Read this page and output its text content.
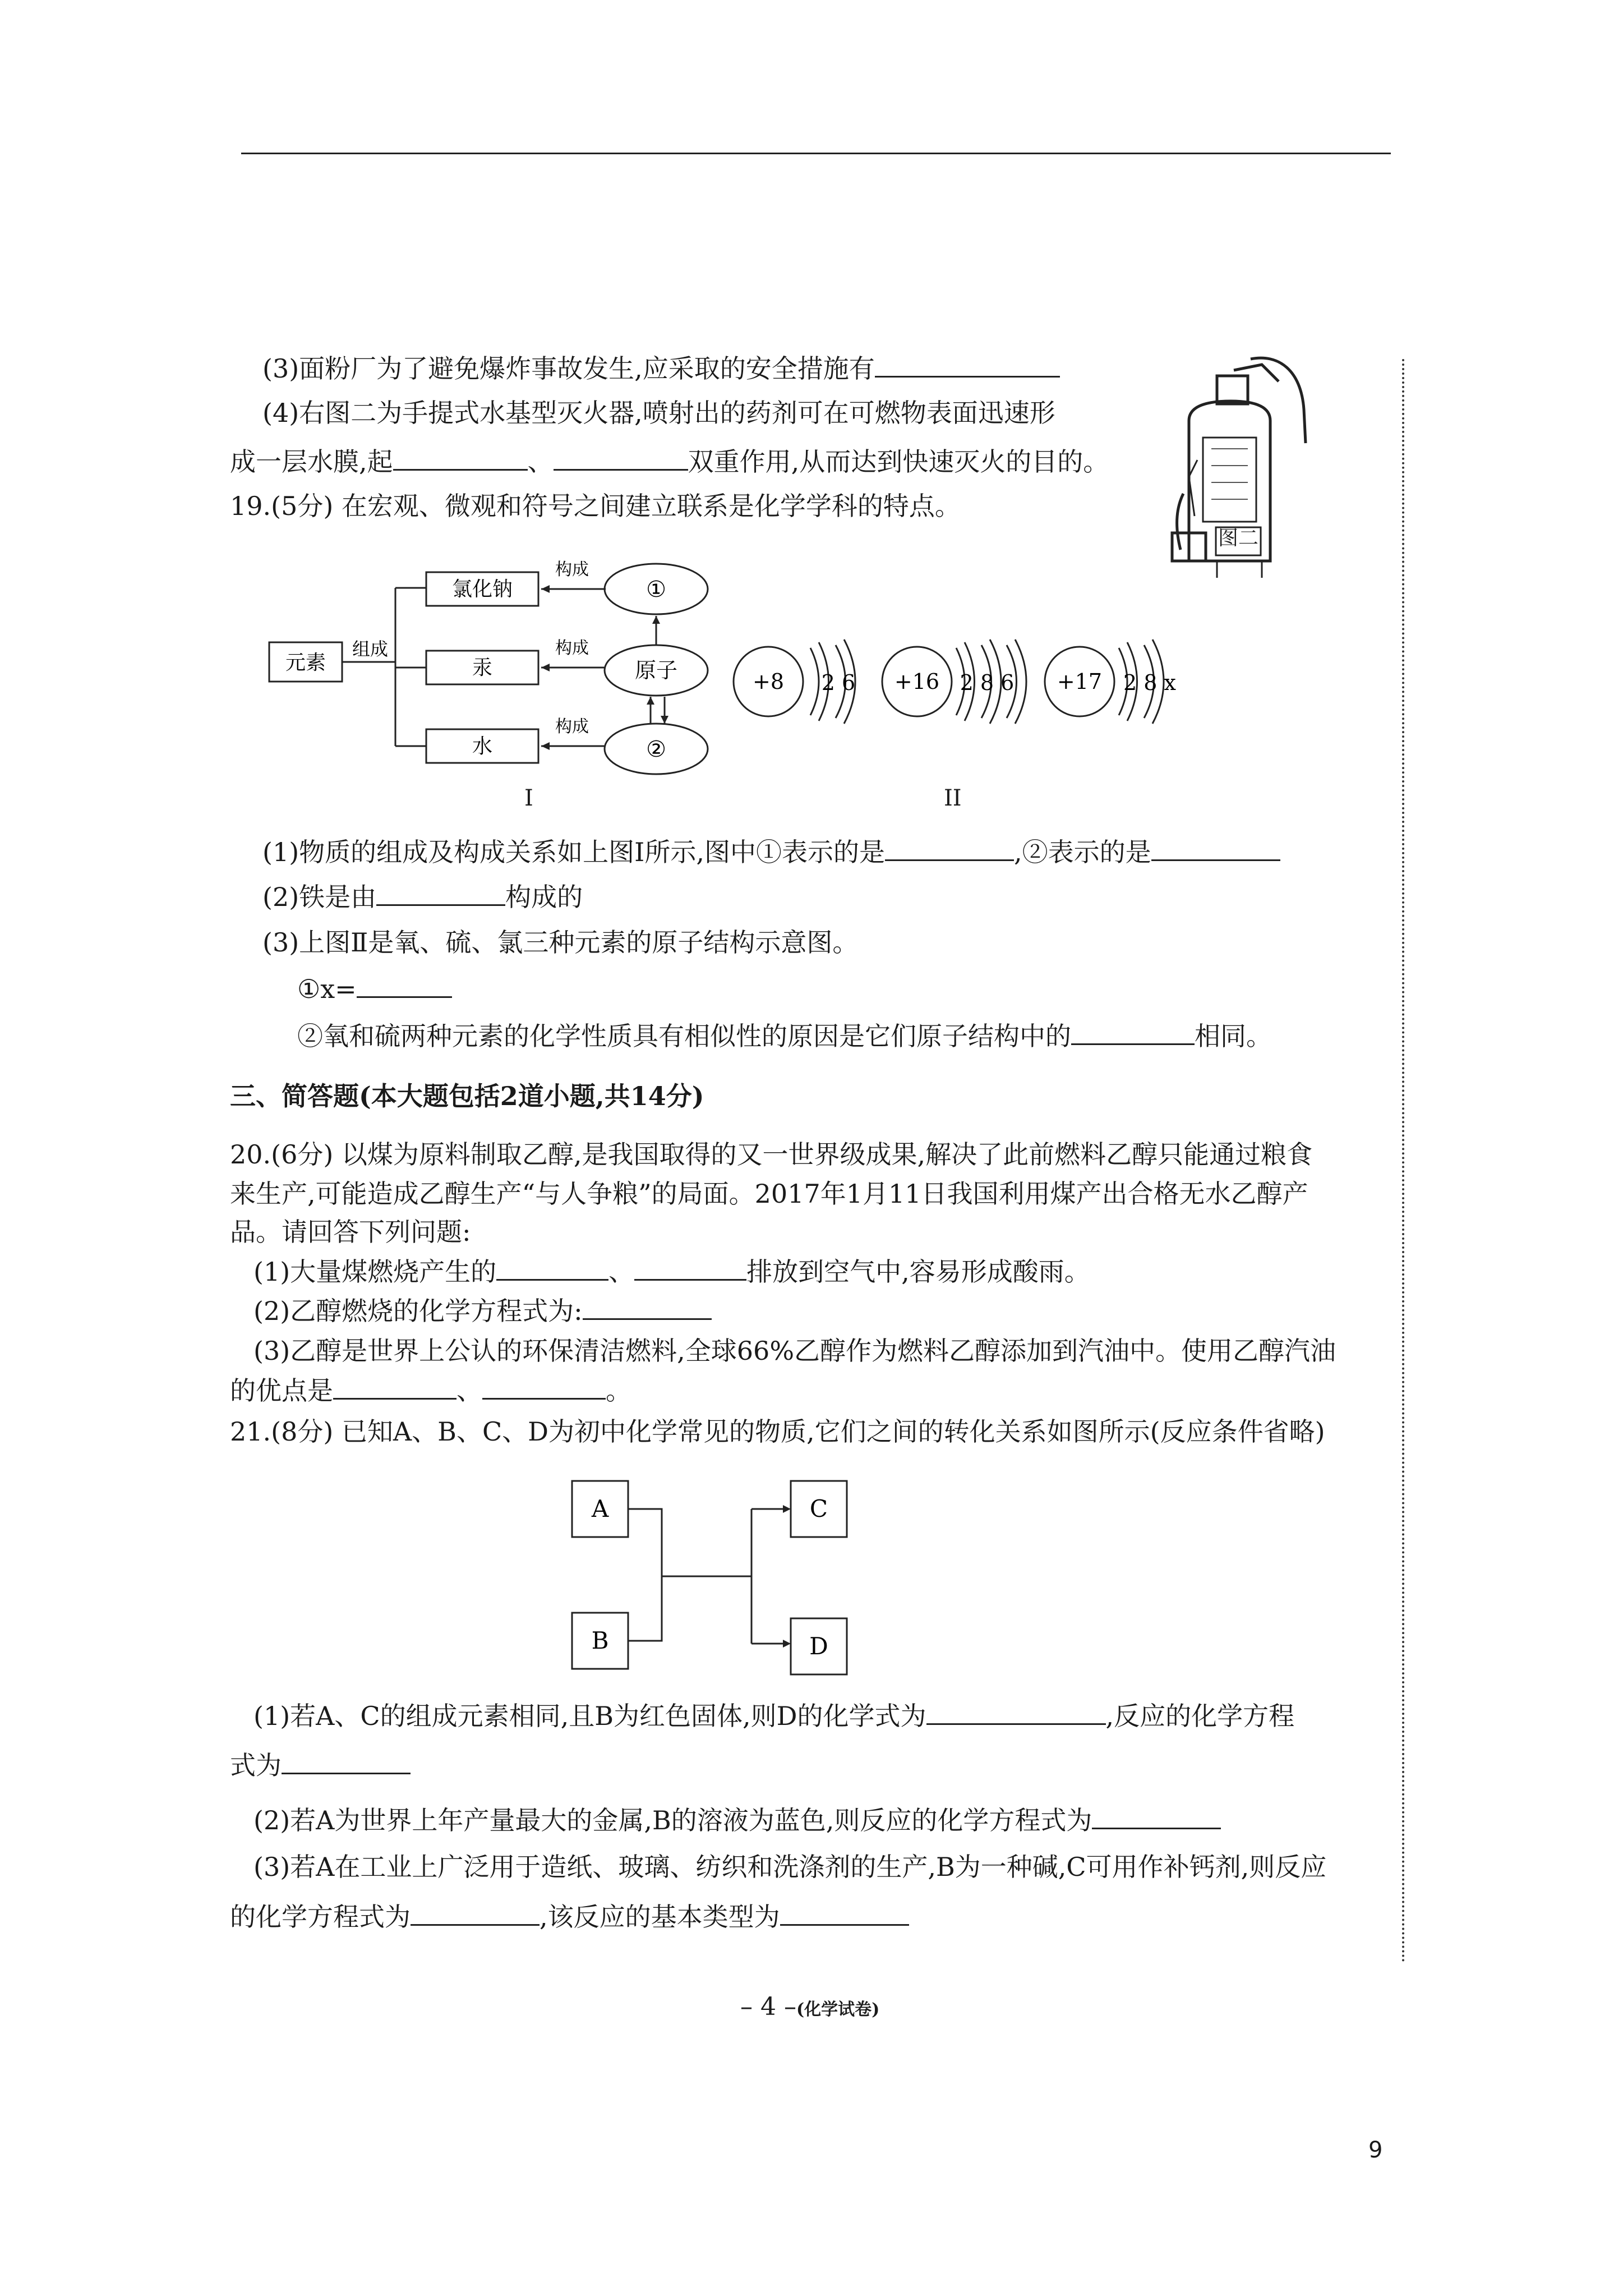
(3)面粉厂为了避免爆炸事故发生,应采取的安全措施有
(4)右图二为手提式水基型灭火器,喷射出的药剂可在可燃物表面迅速形
成一层水膜,起	、	双重作用,从而达到快速灭火的目的。
图二
19.(5分) 在宏观、微观和符号之间建立联系是化学学科的特点。
元素
组成
氯化钠
汞
水
①
原子
②
构成
构成
构成
I
+8 2 6 +16 2 8 6 +17 2 8 x
II
(1)物质的组成及构成关系如上图Ⅰ所示,图中①表示的是	,②表示的是
(2)铁是由	构成的
(3)上图Ⅱ是氧、硫、氯三种元素的原子结构示意图。
①x=
②氧和硫两种元素的化学性质具有相似性的原因是它们原子结构中的	相同。
三、简答题(本大题包括2道小题,共14分)
20.(6分) 以煤为原料制取乙醇,是我国取得的又一世界级成果,解决了此前燃料乙醇只能通过粮食
来生产,可能造成乙醇生产“与人争粮”的局面。2017年1月11日我国利用煤产出合格无水乙醇产
品。请回答下列问题:
(1)大量煤燃烧产生的	、	排放到空气中,容易形成酸雨。
(2)乙醇燃烧的化学方程式为:
(3)乙醇是世界上公认的环保清洁燃料,全球66%乙醇作为燃料乙醇添加到汽油中。使用乙醇汽油
的优点是	、	。
21.(8分) 已知A、B、C、D为初中化学常见的物质,它们之间的转化关系如图所示(反应条件省略)
A
B
C
D
(1)若A、C的组成元素相同,且B为红色固体,则D的化学式为	,反应的化学方程
式为
(2)若A为世界上年产量最大的金属,B的溶液为蓝色,则反应的化学方程式为
(3)若A在工业上广泛用于造纸、玻璃、纺织和洗涤剂的生产,B为一种碱,C可用作补钙剂,则反应
的化学方程式为	,该反应的基本类型为
– 4 –(化学试卷)
9
